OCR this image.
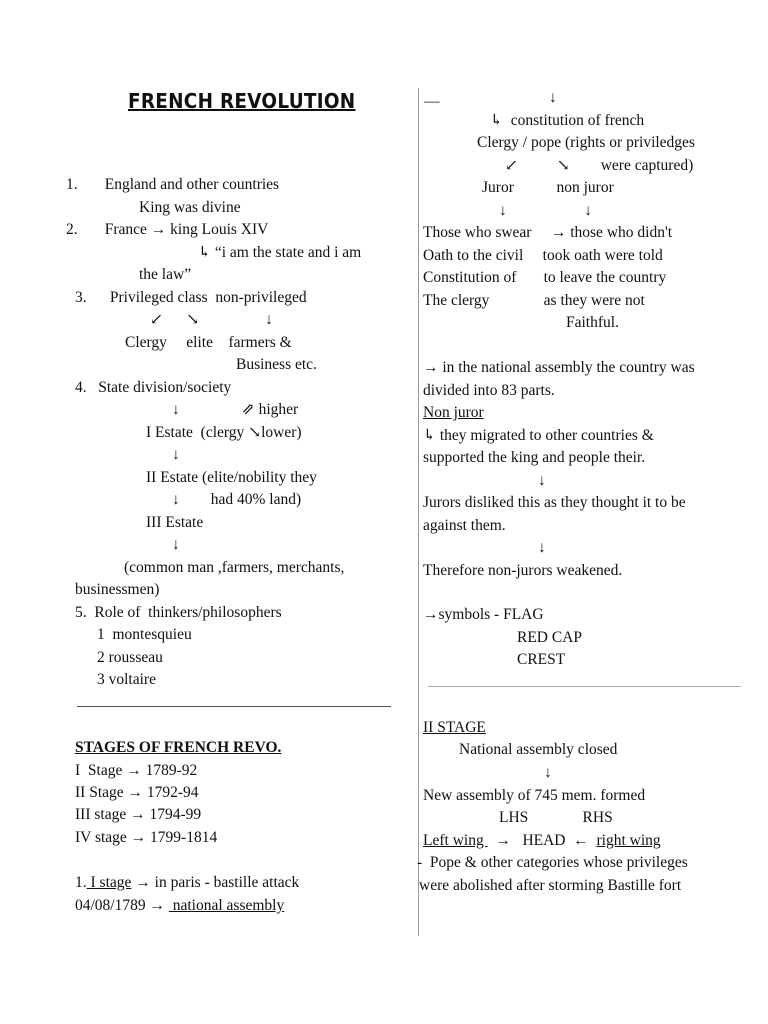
FRENCH REVOLUTION
1.       England and other countries
King was divine
2.       France → king Louis XIV
↳ “i am the state and i am
the law”
3.      Privileged class  non-privileged
↙      ↘                 ↓
Clergy     elite    farmers &
Business etc.
4.   State division/society
↓                ⇗ higher
I Estate  (clergy ↘lower)
↓
II Estate (elite/nobility they
↓        had 40% land)
III Estate
↓
(common man ,farmers, merchants,
businessmen)
5.  Role of  thinkers/philosophers
1  montesquieu
2 rousseau
3 voltaire
STAGES OF FRENCH REVO.
I  Stage → 1789-92
II Stage → 1792-94
III stage → 1794-99
IV stage → 1799-1814
1. I stage → in paris - bastille attack
04/08/1789 →  national assembly
—	↓
↳  constitution of french
Clergy / pope (rights or priviledges
↙          ↘        were captured)
Juror           non juror
↓                    ↓
Those who swear     → those who didn't
Oath to the civil     took oath were told
Constitution of       to leave the country
The clergy              as they were not
Faithful.
→ in the national assembly the country was
divided into 83 parts.
Non juror
↳ they migrated to other countries &
supported the king and people their.
↓
Jurors disliked this as they thought it to be
against them.
↓
Therefore non-jurors weakened.
→symbols - FLAG
RED CAP
CREST
II STAGE
National assembly closed
↓
New assembly of 745 mem. formed
LHS              RHS
Left wing   →   HEAD  ←  right wing
-  Pope & other categories whose privileges
were abolished after storming Bastille fort
